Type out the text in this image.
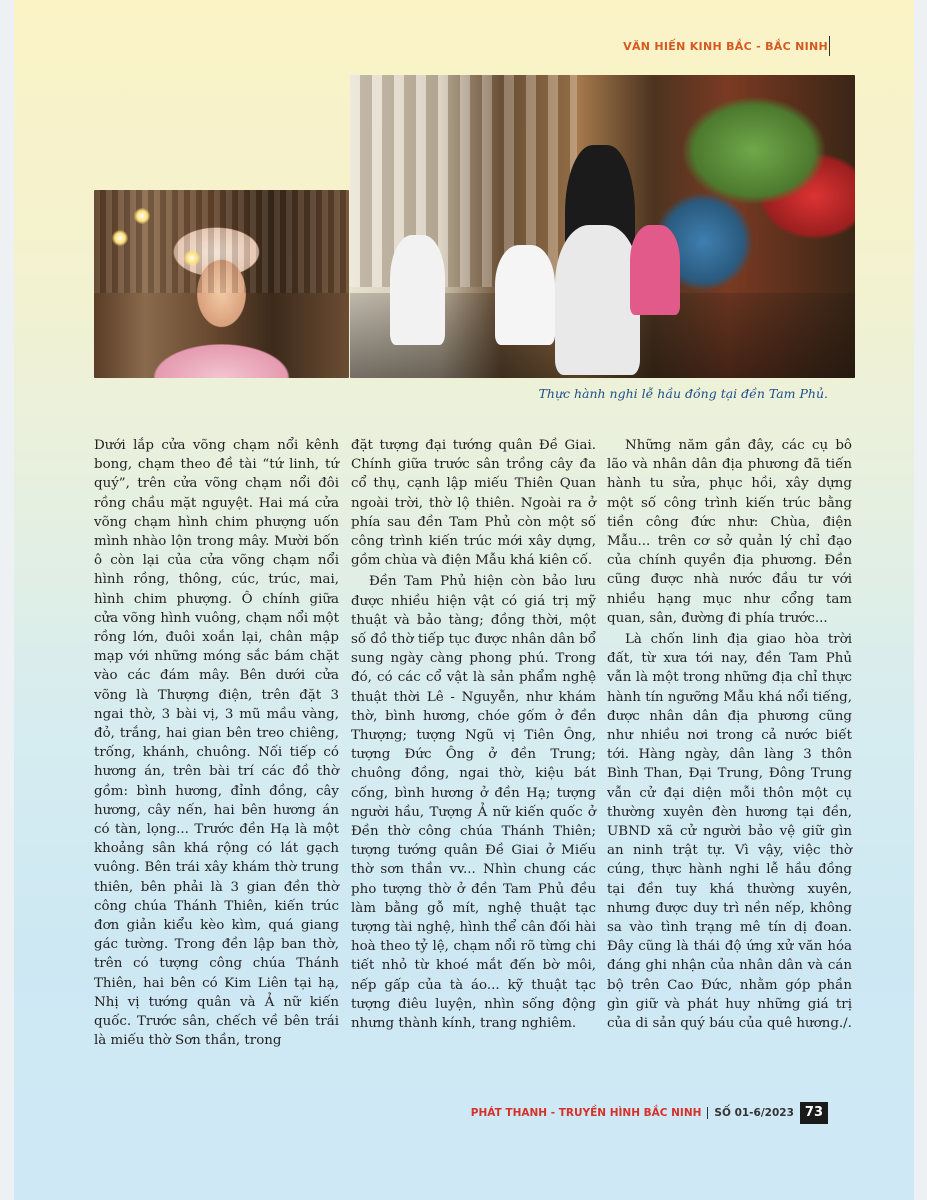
VĂN HIẾN KINH BẮC - BẮC NINH
Thực hành nghi lễ hầu đồng tại đền Tam Phủ.

Dưới lắp cửa võng chạm nổi kênh bong, chạm theo đề tài “tứ linh, tứ quý”, trên cửa võng chạm nổi đôi rồng chầu mặt nguyệt. Hai má cửa võng chạm hình chim phượng uốn mình nhào lộn trong mây. Mười bốn ô còn lại của cửa võng chạm nổi hình rồng, thông, cúc, trúc, mai, hình chim phượng. Ô chính giữa cửa võng hình vuông, chạm nổi một rồng lớn, đuôi xoắn lại, chân mập mạp với những móng sắc bám chặt vào các đám mây. Bên dưới cửa võng là Thượng điện, trên đặt 3 ngai thờ, 3 bài vị, 3 mũ mầu vàng, đỏ, trắng, hai gian bên treo chiêng, trống, khánh, chuông. Nối tiếp có hương án, trên bài trí các đồ thờ gồm: bình hương, đỉnh đồng, cây hương, cây nến, hai bên hương án có tàn, lọng... Trước đền Hạ là một khoảng sân khá rộng có lát gạch vuông. Bên trái xây khám thờ trung thiên, bên phải là 3 gian đền thờ công chúa Thánh Thiên, kiến trúc đơn giản kiểu kèo kìm, quá giang gác tường. Trong đền lập ban thờ, trên có tượng công chúa Thánh Thiên, hai bên có Kim Liên tại hạ, Nhị vị tướng quân và Ả nữ kiến quốc. Trước sân, chếch về bên trái là miếu thờ Sơn thần, trong

đặt tượng đại tướng quân Đề Giai. Chính giữa trước sân trồng cây đa cổ thụ, cạnh lập miếu Thiên Quan ngoài trời, thờ lộ thiên. Ngoài ra ở phía sau đền Tam Phủ còn một số công trình kiến trúc mới xây dựng, gồm chùa và điện Mẫu khá kiên cố.

Đền Tam Phủ hiện còn bảo lưu được nhiều hiện vật có giá trị mỹ thuật và bảo tàng; đồng thời, một số đồ thờ tiếp tục được nhân dân bổ sung ngày càng phong phú. Trong đó, có các cổ vật là sản phẩm nghệ thuật thời Lê - Nguyễn, như khám thờ, bình hương, chóe gốm ở đền Thượng; tượng Ngũ vị Tiên Ông, tượng Đức Ông ở đền Trung; chuông đồng, ngai thờ, kiệu bát cống, bình hương ở đền Hạ; tượng người hầu, Tượng Ả nữ kiến quốc ở Đền thờ công chúa Thánh Thiên; tượng tướng quân Đề Giai ở Miếu thờ sơn thần vv... Nhìn chung các pho tượng thờ ở đền Tam Phủ đều làm bằng gỗ mít, nghệ thuật tạc tượng tài nghệ, hình thể cân đối hài hoà theo tỷ lệ, chạm nổi rõ từng chi tiết nhỏ từ khoé mắt đến bờ môi, nếp gấp của tà áo... kỹ thuật tạc tượng điêu luyện, nhìn sống động nhưng thành kính, trang nghiêm.

Những năm gần đây, các cụ bô lão và nhân dân địa phương đã tiến hành tu sửa, phục hồi, xây dựng một số công trình kiến trúc bằng tiền công đức như: Chùa, điện Mẫu... trên cơ sở quản lý chỉ đạo của chính quyền địa phương. Đền cũng được nhà nước đầu tư với nhiều hạng mục như cổng tam quan, sân, đường đi phía trước...

Là chốn linh địa giao hòa trời đất, từ xưa tới nay, đền Tam Phủ vẫn là một trong những địa chỉ thực hành tín ngưỡng Mẫu khá nổi tiếng, được nhân dân địa phương cũng như nhiều nơi trong cả nước biết tới. Hàng ngày, dân làng 3 thôn Bình Than, Đại Trung, Đông Trung vẫn cử đại diện mỗi thôn một cụ thường xuyên đèn hương tại đền, UBND xã cử người bảo vệ giữ gìn an ninh trật tự. Vì vậy, việc thờ cúng, thực hành nghi lễ hầu đồng tại đền tuy khá thường xuyên, nhưng được duy trì nền nếp, không sa vào tình trạng mê tín dị đoan. Đây cũng là thái độ ứng xử văn hóa đáng ghi nhận của nhân dân và cán bộ trên Cao Đức, nhằm góp phần gìn giữ và phát huy những giá trị của di sản quý báu của quê hương./.

PHÁT THANH - TRUYỀN HÌNH BẮC NINH SỐ 01-6/2023 73
